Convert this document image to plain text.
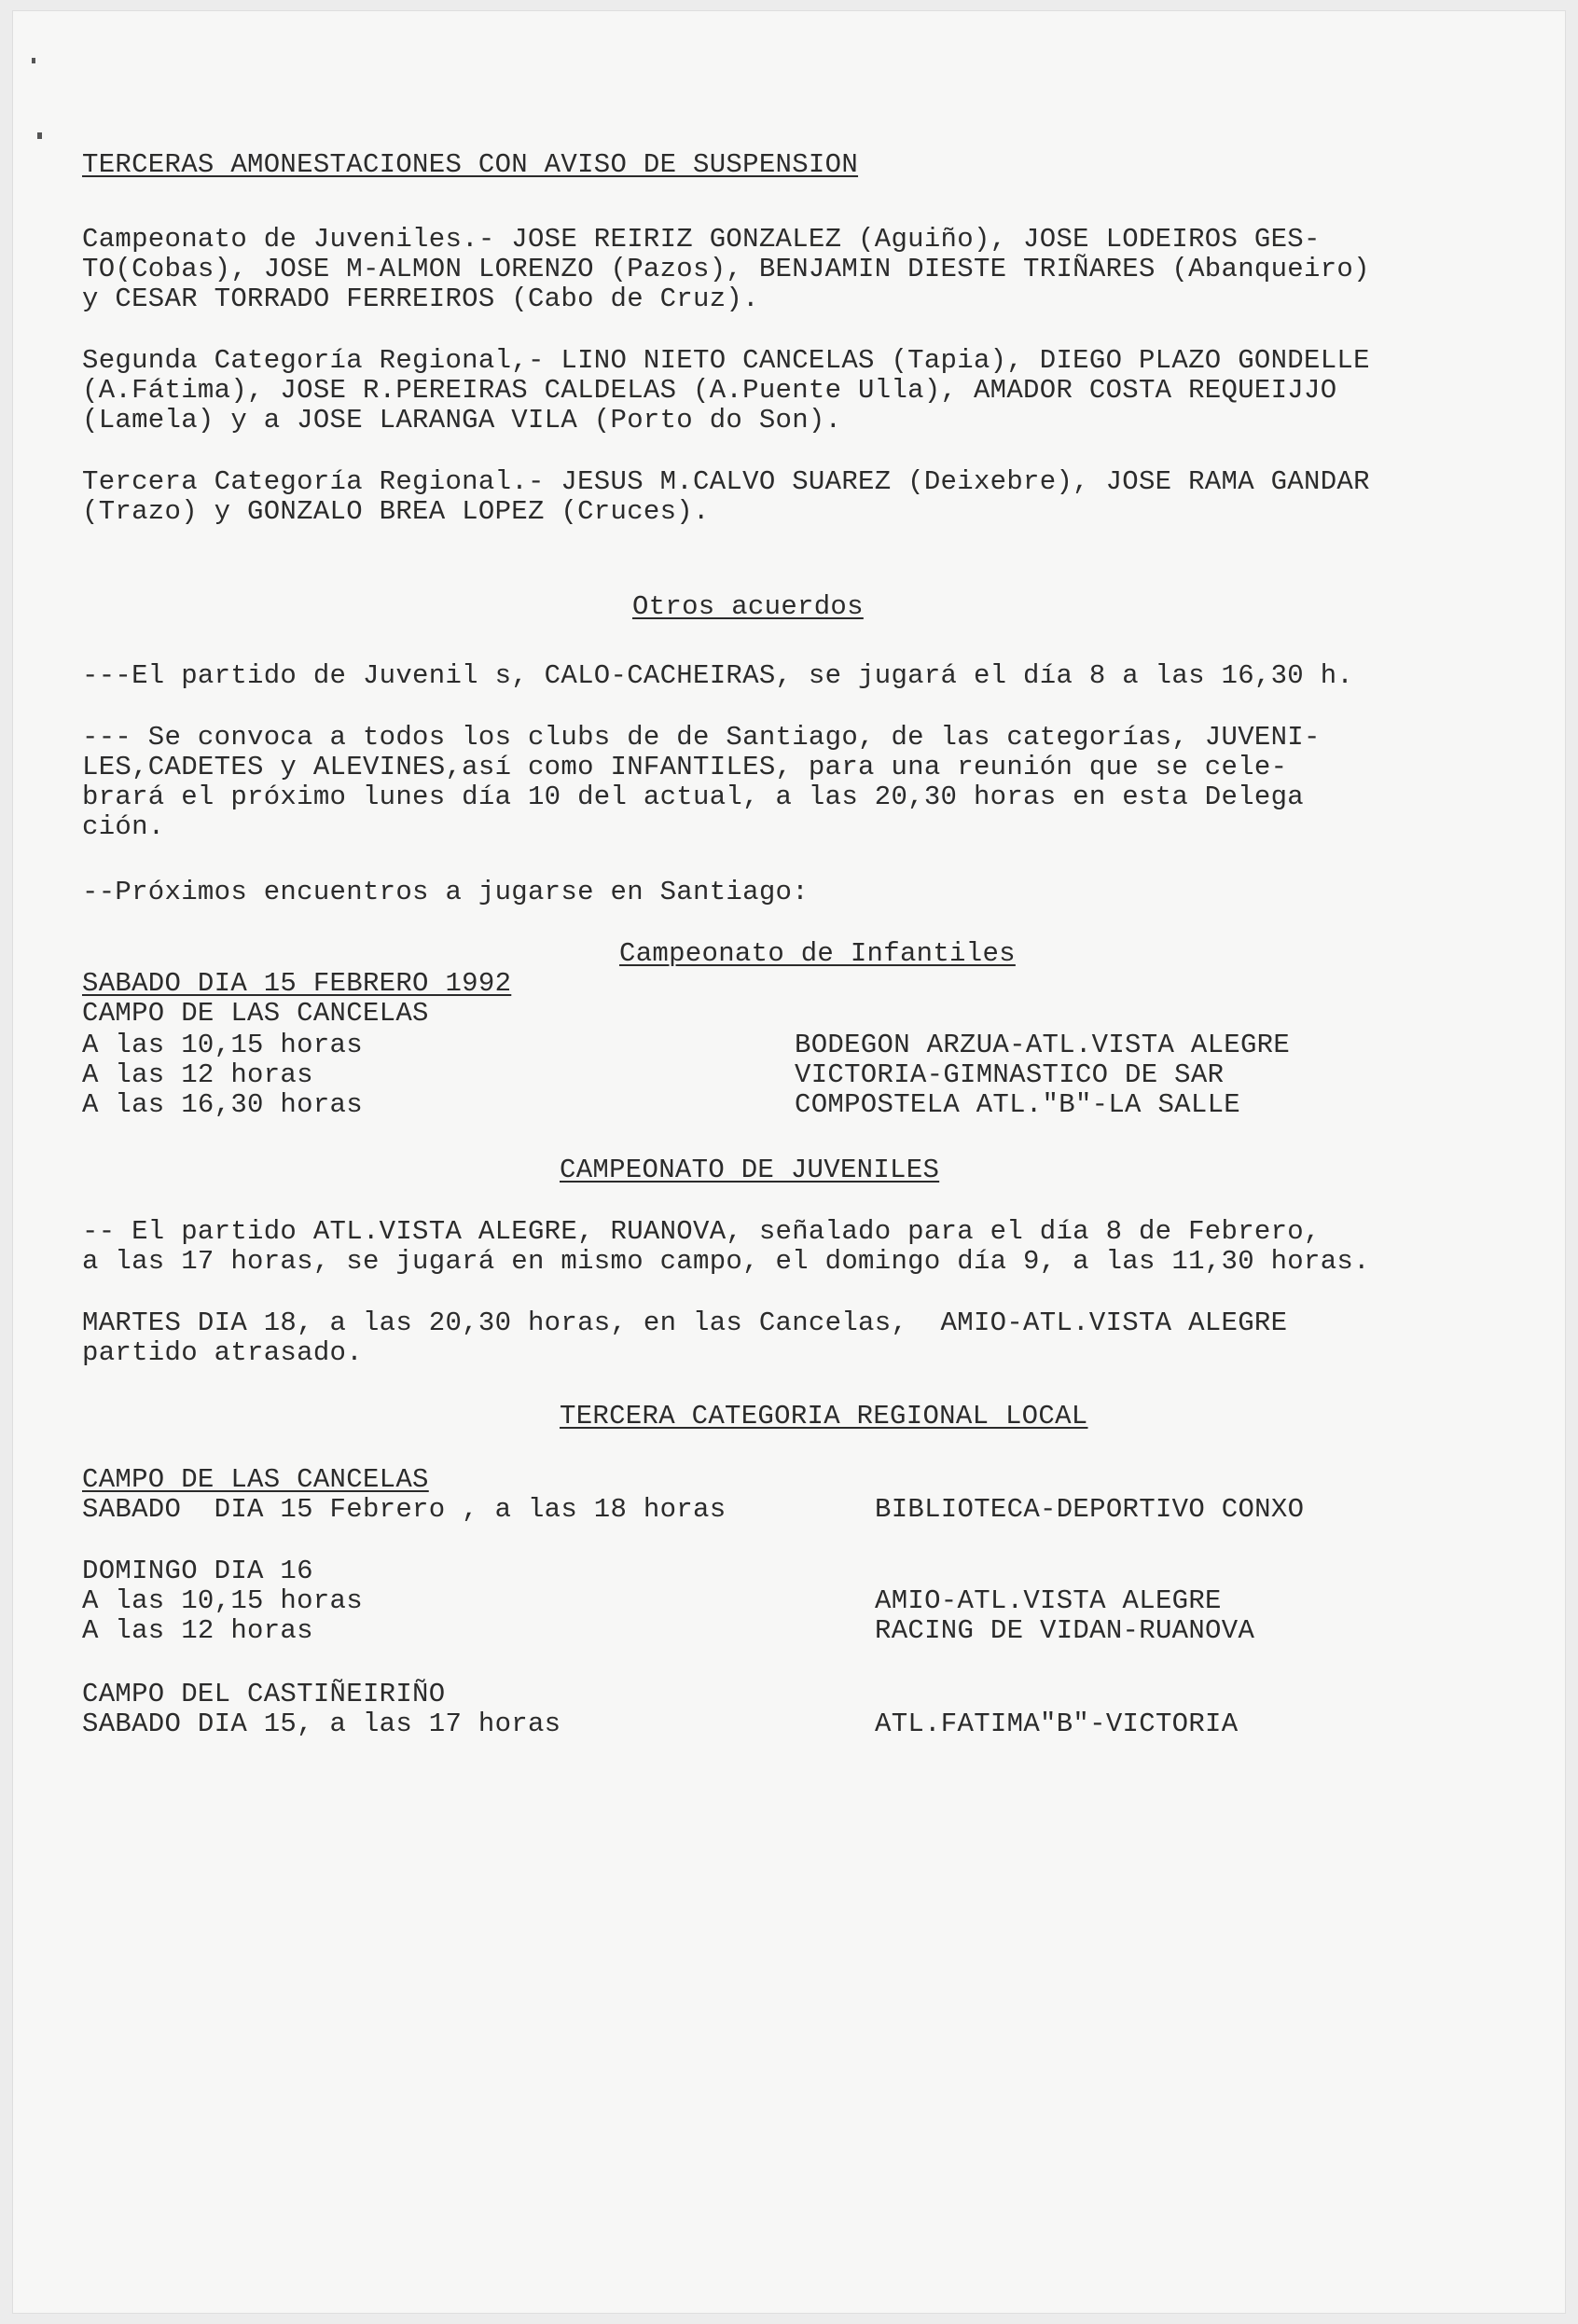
TERCERAS AMONESTACIONES CON AVISO DE SUSPENSION
Campeonato de Juveniles.- JOSE REIRIZ GONZALEZ (Aguiño), JOSE LODEIROS GES-
TO(Cobas), JOSE M-ALMON LORENZO (Pazos), BENJAMIN DIESTE TRIÑARES (Abanqueiro)
y CESAR TORRADO FERREIROS (Cabo de Cruz).
Segunda Categoría Regional,- LINO NIETO CANCELAS (Tapia), DIEGO PLAZO GONDELLE
(A.Fátima), JOSE R.PEREIRAS CALDELAS (A.Puente Ulla), AMADOR COSTA REQUEIJJO
(Lamela) y a JOSE LARANGA VILA (Porto do Son).
Tercera Categoría Regional.- JESUS M.CALVO SUAREZ (Deixebre), JOSE RAMA GANDAR
(Trazo) y GONZALO BREA LOPEZ (Cruces).
Otros acuerdos
---El partido de Juvenil s, CALO-CACHEIRAS, se jugará el día 8 a las 16,30 h.
--- Se convoca a todos los clubs de de Santiago, de las categorías, JUVENI-
LES,CADETES y ALEVINES,así como INFANTILES, para una reunión que se cele-
brará el próximo lunes día 10 del actual, a las 20,30 horas en esta Delega
ción.
--Próximos encuentros a jugarse en Santiago:
Campeonato de Infantiles
SABADO DIA 15 FEBRERO 1992
CAMPO DE LAS CANCELAS
A las 10,15 horas	BODEGON ARZUA-ATL.VISTA ALEGRE
A las 12 horas	VICTORIA-GIMNASTICO DE SAR
A las 16,30 horas	COMPOSTELA ATL."B"-LA SALLE
CAMPEONATO DE JUVENILES
-- El partido ATL.VISTA ALEGRE, RUANOVA, señalado para el día 8 de Febrero,
a las 17 horas, se jugará en mismo campo, el domingo día 9, a las 11,30 horas.
MARTES DIA 18, a las 20,30 horas, en las Cancelas,  AMIO-ATL.VISTA ALEGRE
partido atrasado.
TERCERA CATEGORIA REGIONAL LOCAL
CAMPO DE LAS CANCELAS
SABADO  DIA 15 Febrero , a las 18 horas	BIBLIOTECA-DEPORTIVO CONXO
DOMINGO DIA 16
A las 10,15 horas	AMIO-ATL.VISTA ALEGRE
A las 12 horas	RACING DE VIDAN-RUANOVA
CAMPO DEL CASTIÑEIRIÑO
SABADO DIA 15, a las 17 horas	ATL.FATIMA"B"-VICTORIA
